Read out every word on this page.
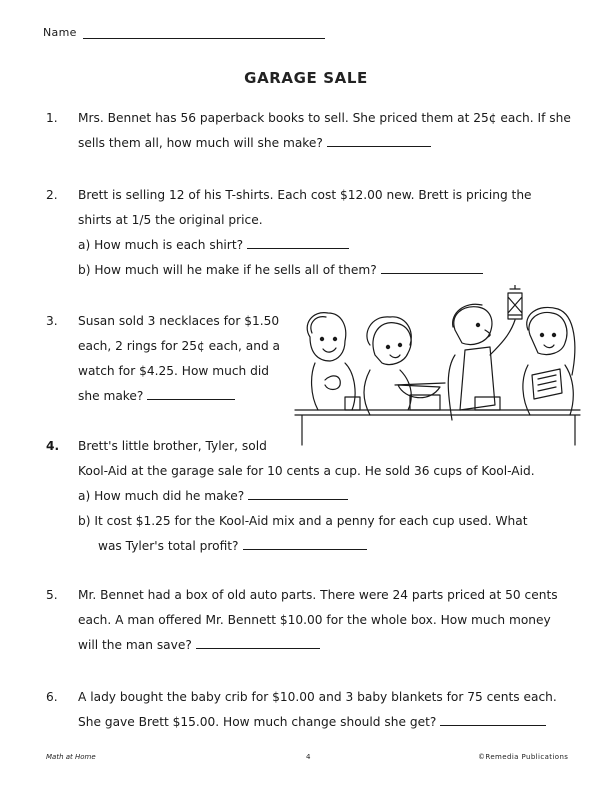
Name
GARAGE SALE
1. Mrs. Bennet has 56 paperback books to sell. She priced them at 25¢ each. If she
sells them all, how much will she make?
2. Brett is selling 12 of his T-shirts. Each cost $12.00 new. Brett is pricing the
shirts at 1/5 the original price.
a) How much is each shirt?
b) How much will he make if he sells all of them?
3. Susan sold 3 necklaces for $1.50
each, 2 rings for 25¢ each, and a
watch for $4.25. How much did
she make?
4. Brett's little brother, Tyler, sold
Kool-Aid at the garage sale for 10 cents a cup. He sold 36 cups of Kool-Aid.
a) How much did he make?
b) It cost $1.25 for the Kool-Aid mix and a penny for each cup used. What
was Tyler's total profit?
5. Mr. Bennet had a box of old auto parts. There were 24 parts priced at 50 cents
each. A man offered Mr. Bennett $10.00 for the whole box. How much money
will the man save?
6. A lady bought the baby crib for $10.00 and 3 baby blankets for 75 cents each.
She gave Brett $15.00. How much change should she get?
Math at Home	4	©Remedia Publications
